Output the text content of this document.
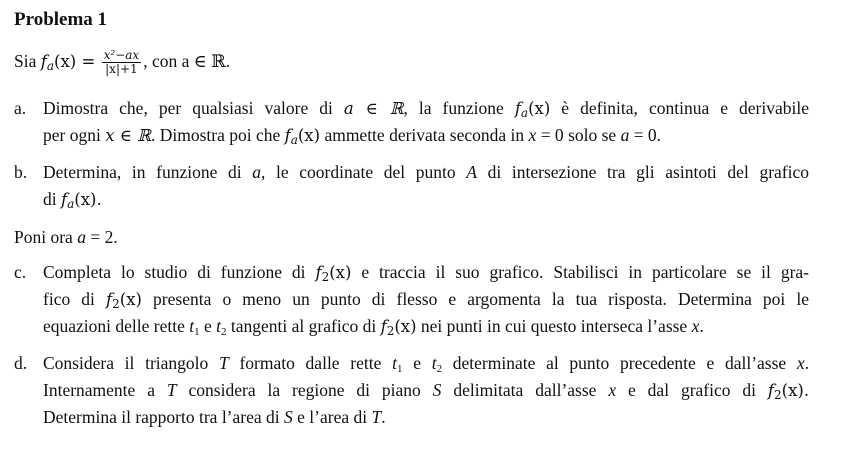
Problema 1
Sia $f_a(x) = \frac{\text{x²−ax}}{|x|+1}$ , con a ∈ ℝ.
a. Dimostra che, per qualsiasi valore di a ∈ ℝ, la funzione $f_a(x)$ è definita, continua e derivabile
per ogni x ∈ ℝ. Dimostra poi che $f_a(x)$ ammette derivata seconda in x = 0 solo se a = 0.
b. Determina, in funzione di a, le coordinate del punto A di intersezione tra gli asintoti del grafico
di $f_a(x)$.
Poni ora a = 2.
c. Completa lo studio di funzione di $f_2(x)$ e traccia il suo grafico. Stabilisci in particolare se il gra-
fico di $f_2(x)$ presenta o meno un punto di flesso e argomenta la tua risposta. Determina poi le
equazioni delle rette $t_1$ e $t_2$ tangenti al grafico di $f_2(x)$ nei punti in cui questo interseca l’asse x.
d. Considera il triangolo T formato dalle rette $t_1$ e $t_2$ determinate al punto precedente e dall’asse x.
Internamente a T considera la regione di piano S delimitata dall’asse x e dal grafico di $f_2(x)$.
Determina il rapporto tra l’area di S e l’area di T.
